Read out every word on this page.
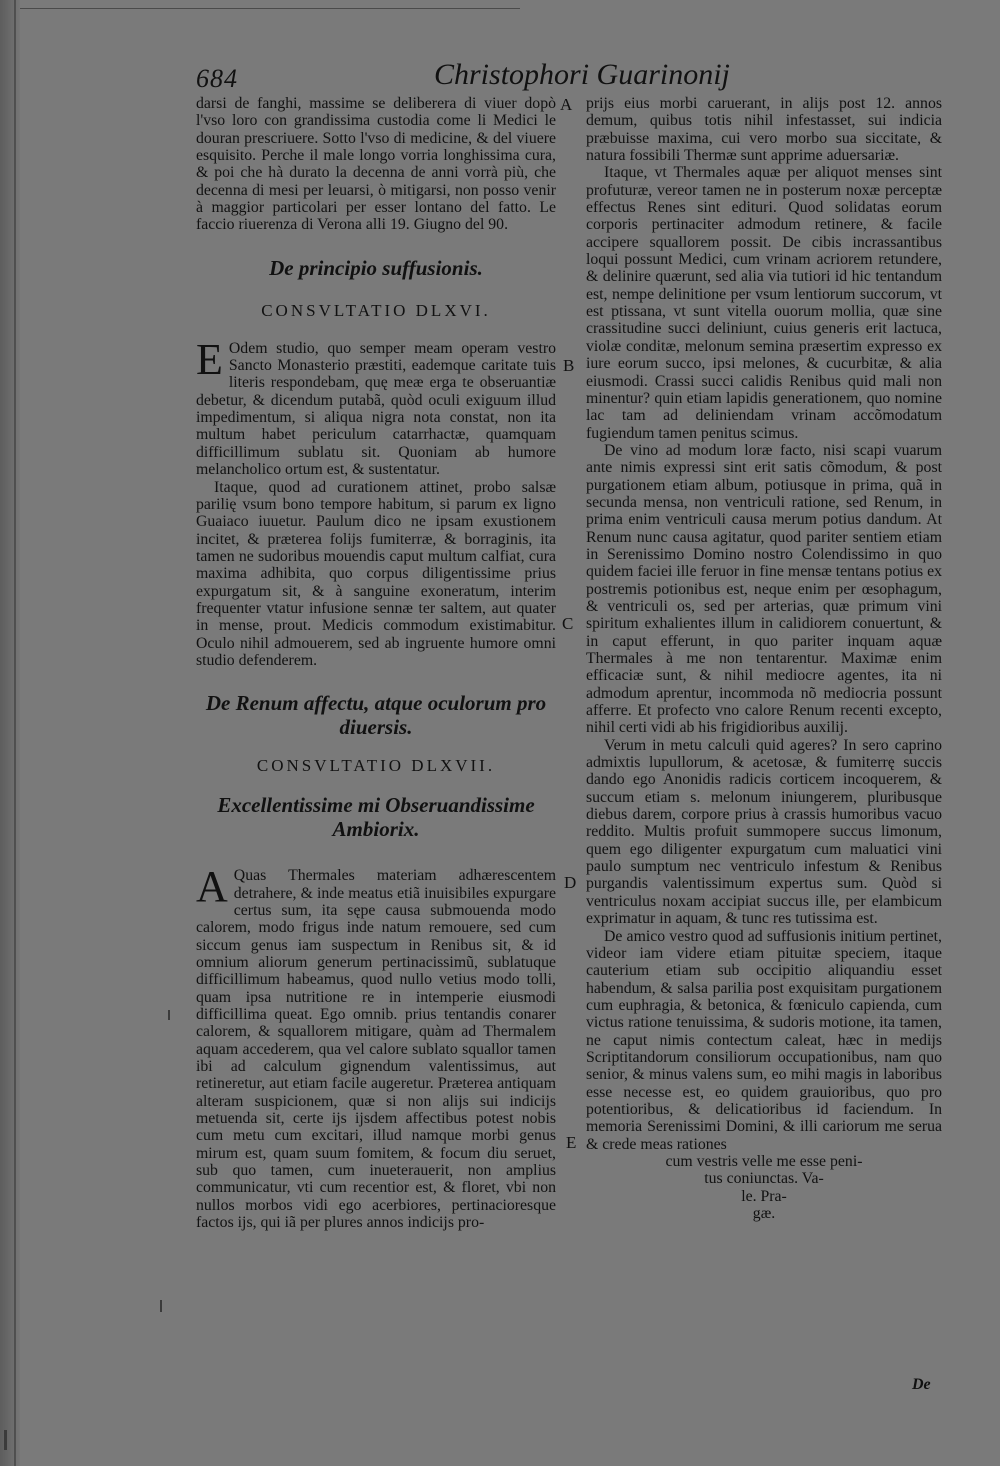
684	Christophori Guarinonij

darsi de fanghi, massime se deliberera di viuer dopò l'vso loro con grandissima custodia come li Medici le douran prescriuere. Sotto l'vso di medicine, & del viuere esquisito. Perche il male longo vorria longhissima cura, & poi che hà durato la decenna de anni vorrà più, che decenna di mesi per leuarsi, ò mitigarsi, non posso venir à maggior particolari per esser lontano del fatto. Le faccio riuerenza di Verona alli 19. Giugno del 90.

De principio suffusionis.
CONSVLTATIO DLXVI.

E Odem studio, quo semper meam operam vestro Sancto Monasterio præstiti, eademque caritate tuis literis respondebam, quę meæ erga te obseruantiæ debetur, & dicendum putabã, quòd oculi exiguum illud impedimentum, si aliqua nigra nota constat, non ita multum habet periculum catarrhactæ, quamquam difficillimum sublatu sit. Quoniam ab humore melancholico ortum est, & sustentatur.

Itaque, quod ad curationem attinet, probo salsæ parilię vsum bono tempore habitum, si parum ex ligno Guaiaco iuuetur. Paulum dico ne ipsam exustionem incitet, & præterea folijs fumiterræ, & borraginis, ita tamen ne sudoribus mouendis caput multum calfiat, cura maxima adhibita, quo corpus diligentissime prius expurgatum sit, & à sanguine exoneratum, interim frequenter vtatur infusione sennæ ter saltem, aut quater in mense, prout. Medicis commodum existimabitur. Oculo nihil admouerem, sed ab ingruente humore omni studio defenderem.

De Renum affectu, atque oculorum pro
diuersis.
CONSVLTATIO DLXVII.
Excellentissime mi Obseruandissime
Ambiorix.

A Quas Thermales materiam adhærescentem detrahere, & inde meatus etiã inuisibiles expurgare certus sum, ita sępe causa submouenda modo calorem, modo frigus inde natum remouere, sed cum siccum genus iam suspectum in Renibus sit, & id omnium aliorum generum pertinacissimũ, sublatuque difficillimum habeamus, quod nullo vetius modo tolli, quam ipsa nutritione re in intemperie eiusmodi difficillima queat. Ego omnib. prius tentandis conarer calorem, & squallorem mitigare, quàm ad Thermalem aquam accederem, qua vel calore sublato squallor tamen ibi ad calculum gignendum valentissimus, aut retineretur, aut etiam facile augeretur. Præterea antiquam alteram suspicionem, quæ si non alijs sui indicijs metuenda sit, certe ijs ijsdem affectibus potest nobis cum metu cum excitari, illud namque morbi genus mirum est, quam suum fomitem, & focum diu seruet, sub quo tamen, cum inueterauerit, non amplius communicatur, vti cum recentior est, & floret, vbi non nullos morbos vidi ego acerbiores, pertinacioresque factos ijs, qui iã per plures annos indicijs pro-

prijs eius morbi caruerant, in alijs post 12. annos demum, quibus totis nihil infestasset, sui indicia præbuisse maxima, cui vero morbo sua siccitate, & natura fossibili Thermæ sunt apprime aduersariæ.

Itaque, vt Thermales aquæ per aliquot menses sint profuturæ, vereor tamen ne in posterum noxæ perceptæ effectus Renes sint edituri. Quod solidatas eorum corporis pertinaciter admodum retinere, & facile accipere squallorem possit. De cibis incrassantibus loqui possunt Medici, cum vrinam acriorem retundere, & delinire quærunt, sed alia via tutiori id hic tentandum est, nempe delinitione per vsum lentiorum succorum, vt est ptissana, vt sunt vitella ouorum mollia, quæ sine crassitudine succi deliniunt, cuius generis erit lactuca, violæ conditæ, melonum semina præsertim expresso ex iure eorum succo, ipsi melones, & cucurbitæ, & alia eiusmodi. Crassi succi calidis Renibus quid mali non minentur? quin etiam lapidis generationem, quo nomine lac tam ad deliniendam vrinam accõmodatum fugiendum tamen penitus scimus.

De vino ad modum loræ facto, nisi scapi vuarum ante nimis expressi sint erit satis cõmodum, & post purgationem etiam album, potiusque in prima, quã in secunda mensa, non ventriculi ratione, sed Renum, in prima enim ventriculi causa merum potius dandum. At Renum nunc causa agitatur, quod pariter sentiem etiam in Serenissimo Domino nostro Colendissimo in quo quidem faciei ille feruor in fine mensæ tentans potius ex postremis potionibus est, neque enim per œsophagum, & ventriculi os, sed per arterias, quæ primum vini spiritum exhalientes illum in calidiorem conuertunt, & in caput efferunt, in quo pariter inquam aquæ Thermales à me non tentarentur. Maximæ enim efficaciæ sunt, & nihil mediocre agentes, ita ni admodum aprentur, incommoda nõ mediocria possunt afferre. Et profecto vno calore Renum recenti excepto, nihil certi vidi ab his frigidioribus auxilij.

Verum in metu calculi quid ageres? In sero caprino admixtis lupullorum, & acetosæ, & fumiterrę succis dando ego Anonidis radicis corticem incoquerem, & succum etiam s. melonum iniungerem, pluribusque diebus darem, corpore prius à crassis humoribus vacuo reddito. Multis profuit summopere succus limonum, quem ego diligenter expurgatum cum maluatici vini paulo sumptum nec ventriculo infestum & Renibus purgandis valentissimum expertus sum. Quòd si ventriculus noxam accipiat succus ille, per elambicum exprimatur in aquam, & tunc res tutissima est.

De amico vestro quod ad suffusionis initium pertinet, videor iam videre etiam pituitæ speciem, itaque cauterium etiam sub occipitio aliquandiu esset habendum, & salsa parilia post exquisitam purgationem cum euphragia, & betonica, & fœniculo capienda, cum victus ratione tenuissima, & sudoris motione, ita tamen, ne caput nimis contectum caleat, hæc in medijs Scriptitandorum consiliorum occupationibus, nam quo senior, & minus valens sum, eo mihi magis in laboribus esse necesse est, eo quidem grauioribus, quo pro potentioribus, & delicatioribus id faciendum. In memoria Serenissimi Domini, & illi cariorum me serua & crede meas rationes

cum vestris velle me esse peni-
tus coniunctas. Va-
le. Pra-
gæ.
A
B
C
D
E
De
